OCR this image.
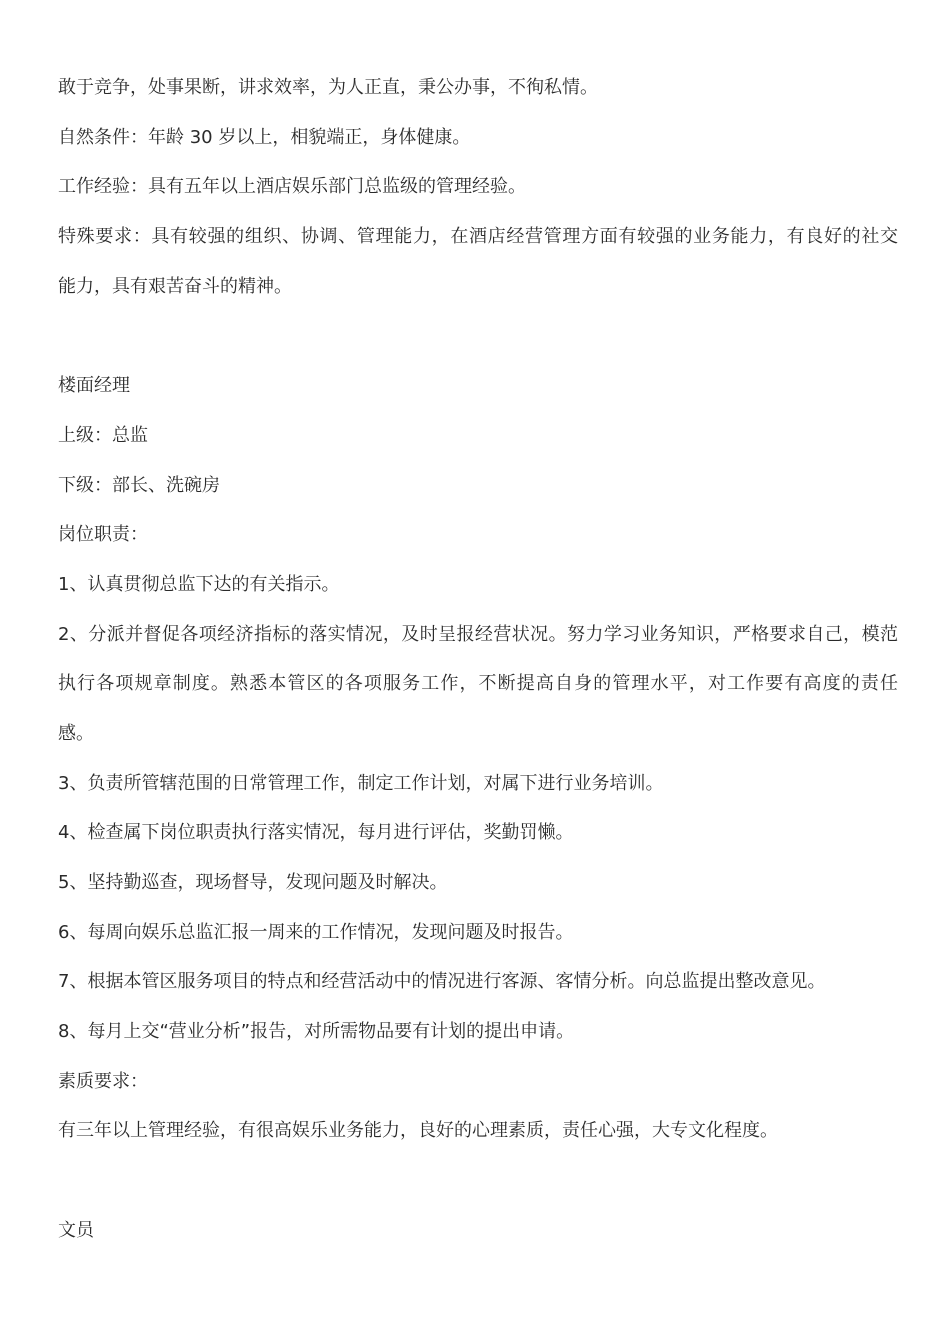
敢于竞争，处事果断，讲求效率，为人正直，秉公办事，不徇私情。
自然条件：年龄 30 岁以上，相貌端正，身体健康。
工作经验：具有五年以上酒店娱乐部门总监级的管理经验。
特殊要求：具有较强的组织、协调、管理能力，在酒店经营管理方面有较强的业务能力，有良好的社交
能力，具有艰苦奋斗的精神。
楼面经理
上级：总监
下级：部长、洗碗房
岗位职责：
1、认真贯彻总监下达的有关指示。
2、分派并督促各项经济指标的落实情况，及时呈报经营状况。努力学习业务知识，严格要求自己，模范
执行各项规章制度。熟悉本管区的各项服务工作，不断提高自身的管理水平，对工作要有高度的责任
感。
3、负责所管辖范围的日常管理工作，制定工作计划，对属下进行业务培训。
4、检查属下岗位职责执行落实情况，每月进行评估，奖勤罚懒。
5、坚持勤巡查，现场督导，发现问题及时解决。
6、每周向娱乐总监汇报一周来的工作情况，发现问题及时报告。
7、根据本管区服务项目的特点和经营活动中的情况进行客源、客情分析。向总监提出整改意见。
8、每月上交“营业分析”报告，对所需物品要有计划的提出申请。
素质要求：
有三年以上管理经验，有很高娱乐业务能力，良好的心理素质，责任心强，大专文化程度。
文员
